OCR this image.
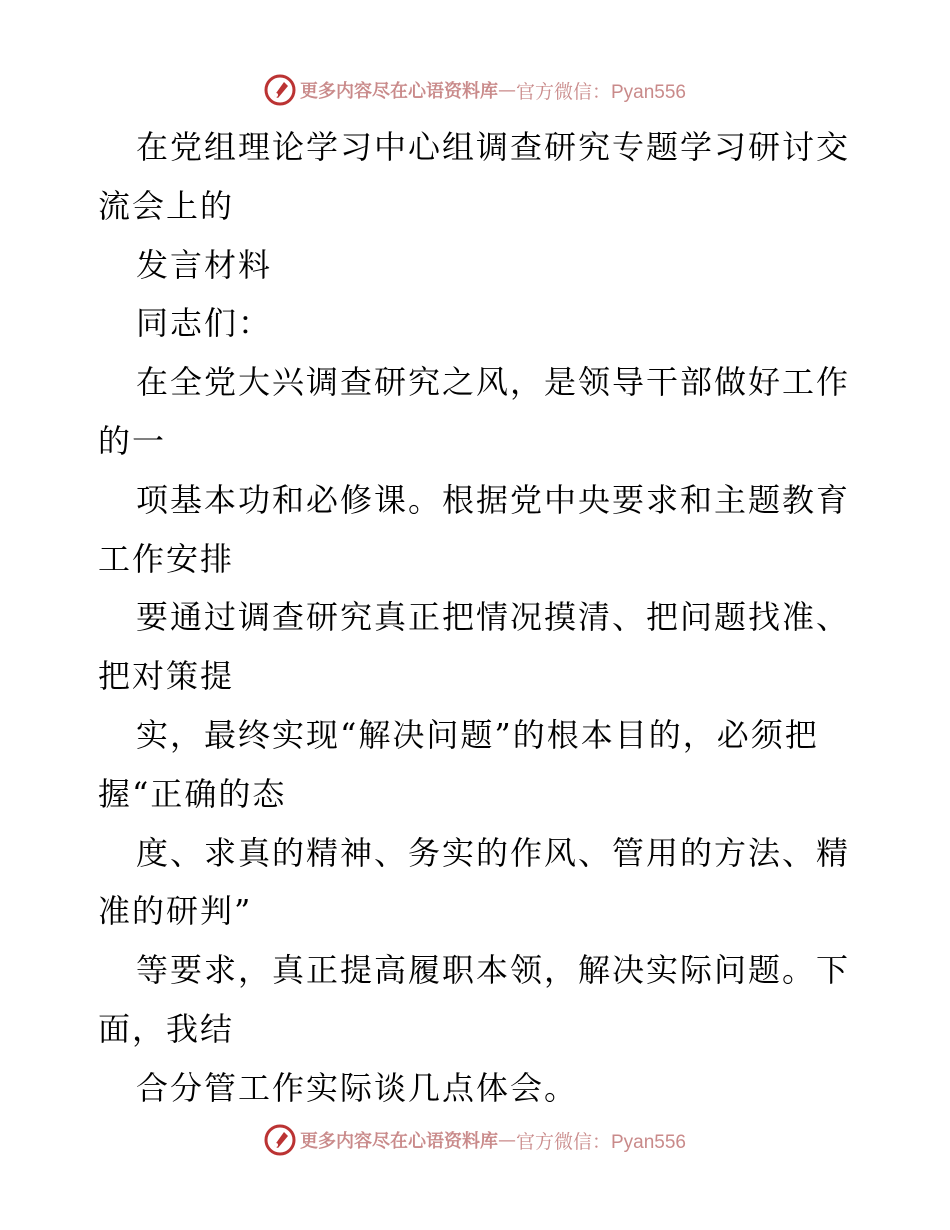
更多内容尽在心语资料库 — 官方微信：Pyan556
在党组理论学习中心组调查研究专题学习研讨交
流会上的
发言材料
同志们：
在全党大兴调查研究之风，是领导干部做好工作
的一
项基本功和必修课。根据党中央要求和主题教育
工作安排
要通过调查研究真正把情况摸清、把问题找准、
把对策提
实，最终实现“解决问题”的根本目的，必须把
握“正确的态
度、求真的精神、务实的作风、管用的方法、精
准的研判”
等要求，真正提高履职本领，解决实际问题。下
面，我结
合分管工作实际谈几点体会。
更多内容尽在心语资料库 — 官方微信：Pyan556
